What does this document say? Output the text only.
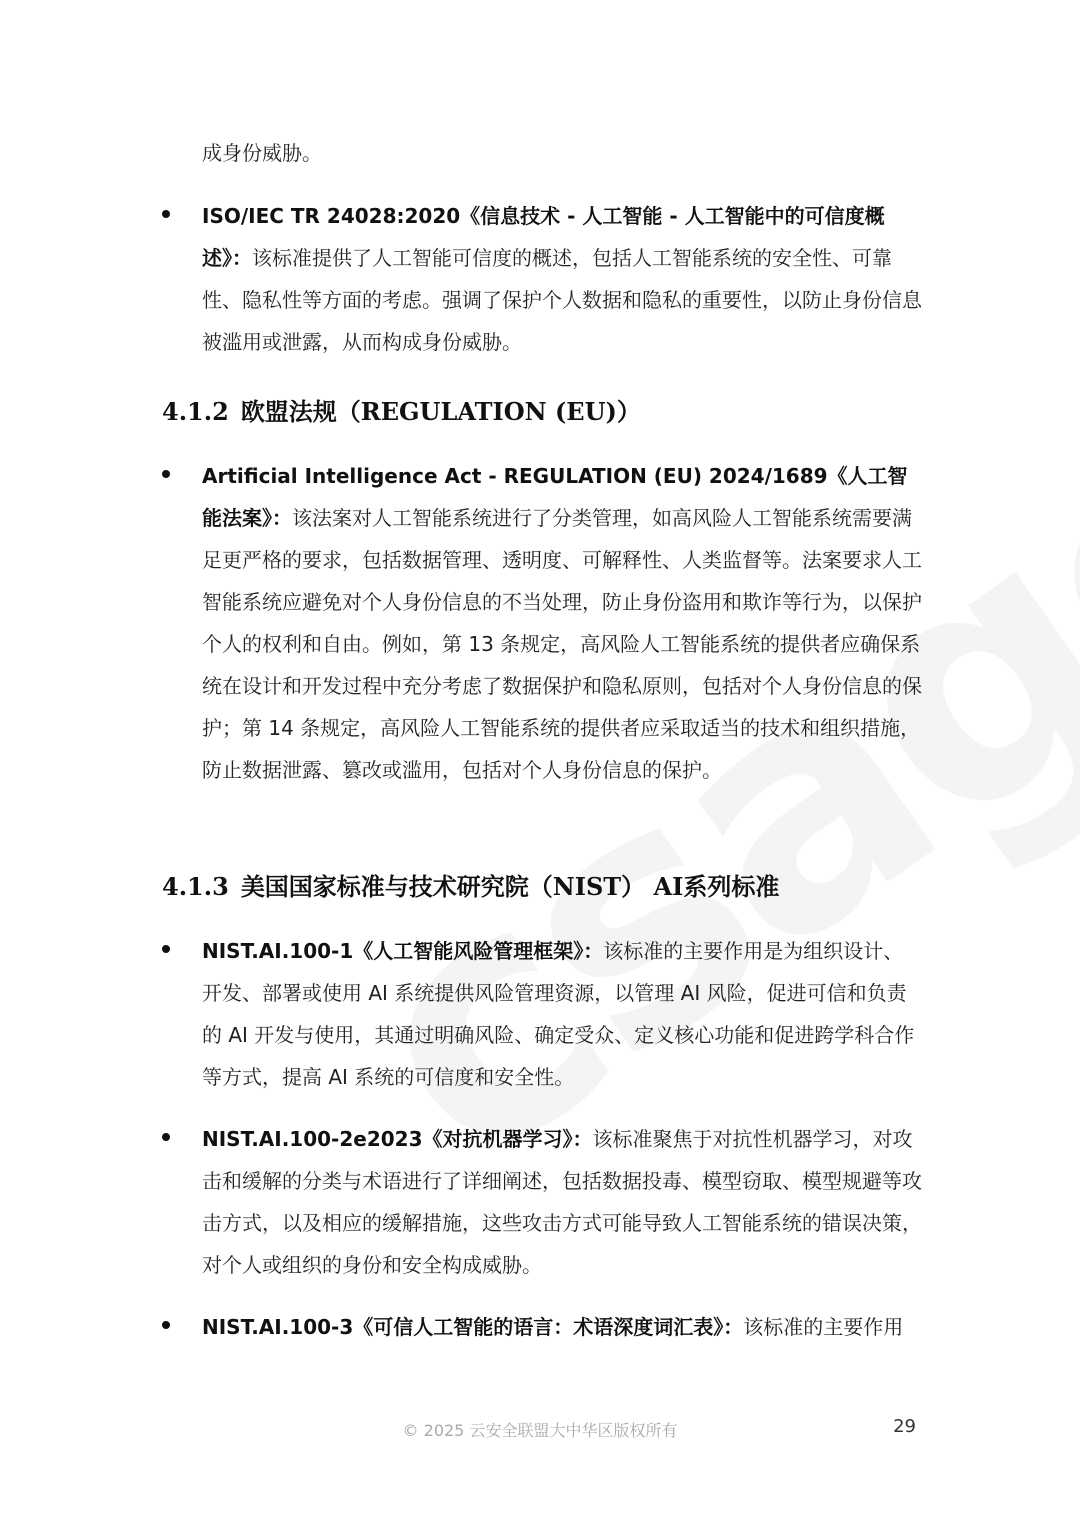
成身份威胁。
ISO/IEC TR 24028:2020《信息技术 - 人工智能 - 人工智能中的可信度概述》：该标准提供了人工智能可信度的概述，包括人工智能系统的安全性、可靠性、隐私性等方面的考虑。强调了保护个人数据和隐私的重要性，以防止身份信息被滥用或泄露，从而构成身份威胁。
4.1.2 欧盟法规（REGULATION (EU)）
Artificial Intelligence Act - REGULATION (EU) 2024/1689《人工智能法案》：该法案对人工智能系统进行了分类管理，如高风险人工智能系统需要满足更严格的要求，包括数据管理、透明度、可解释性、人类监督等。法案要求人工智能系统应避免对个人身份信息的不当处理，防止身份盗用和欺诈等行为，以保护个人的权利和自由。例如，第 13 条规定，高风险人工智能系统的提供者应确保系统在设计和开发过程中充分考虑了数据保护和隐私原则，包括对个人身份信息的保护；第 14 条规定，高风险人工智能系统的提供者应采取适当的技术和组织措施，防止数据泄露、篡改或滥用，包括对个人身份信息的保护。
4.1.3 美国国家标准与技术研究院（NIST） AI系列标准
NIST.AI.100-1《人工智能风险管理框架》：该标准的主要作用是为组织设计、开发、部署或使用 AI 系统提供风险管理资源，以管理 AI 风险，促进可信和负责的 AI 开发与使用，其通过明确风险、确定受众、定义核心功能和促进跨学科合作等方式，提高 AI 系统的可信度和安全性。
NIST.AI.100-2e2023《对抗机器学习》：该标准聚焦于对抗性机器学习，对攻击和缓解的分类与术语进行了详细阐述，包括数据投毒、模型窃取、模型规避等攻击方式，以及相应的缓解措施，这些攻击方式可能导致人工智能系统的错误决策，对个人或组织的身份和安全构成威胁。
NIST.AI.100-3《可信人工智能的语言：术语深度词汇表》：该标准的主要作用
© 2025 云安全联盟大中华区版权所有	29
